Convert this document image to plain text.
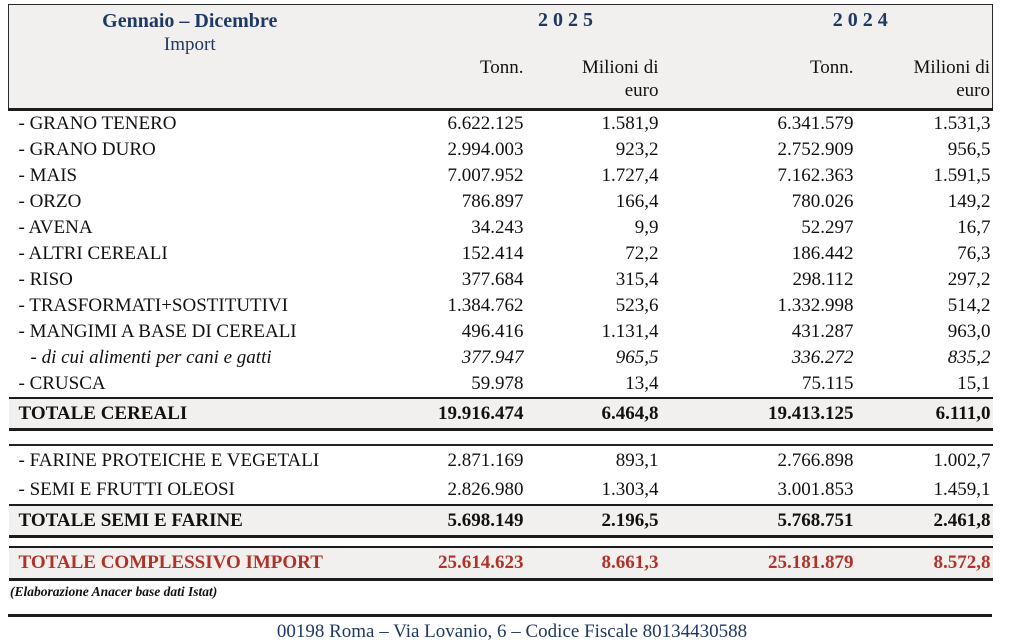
Gennaio – Dicembre
Import	2 0 2 5		2 0 2 4	
	Tonn.	Milioni di
euro
	Tonn.	Milioni di
euro

- GRANO TENERO	6.622.125	1.581,9	6.341.579	1.531,3
- GRANO DURO	2.994.003	923,2	2.752.909	956,5
- MAIS	7.007.952	1.727,4	7.162.363	1.591,5
- ORZO	786.897	166,4	780.026	149,2
- AVENA	34.243	9,9	52.297	16,7
- ALTRI CEREALI	152.414	72,2	186.442	76,3
- RISO	377.684	315,4	298.112	297,2
- TRASFORMATI+SOSTITUTIVI	1.384.762	523,6	1.332.998	514,2
- MANGIMI A BASE DI CEREALI	496.416	1.131,4	431.287	963,0
- di cui alimenti per cani e gatti	377.947	965,5	336.272	835,2
- CRUSCA	59.978	13,4	75.115	15,1
TOTALE CEREALI	19.916.474	6.464,8	19.413.125	6.111,0

- FARINE PROTEICHE E VEGETALI	2.871.169	893,1	2.766.898	1.002,7
- SEMI E FRUTTI OLEOSI	2.826.980	1.303,4	3.001.853	1.459,1
TOTALE SEMI E FARINE	5.698.149	2.196,5	5.768.751	2.461,8

TOTALE COMPLESSIVO IMPORT	25.614.623	8.661,3	25.181.879	8.572,8
(Elaborazione Anacer base dati Istat)
00198 Roma – Via Lovanio, 6 – Codice Fiscale 80134430588
